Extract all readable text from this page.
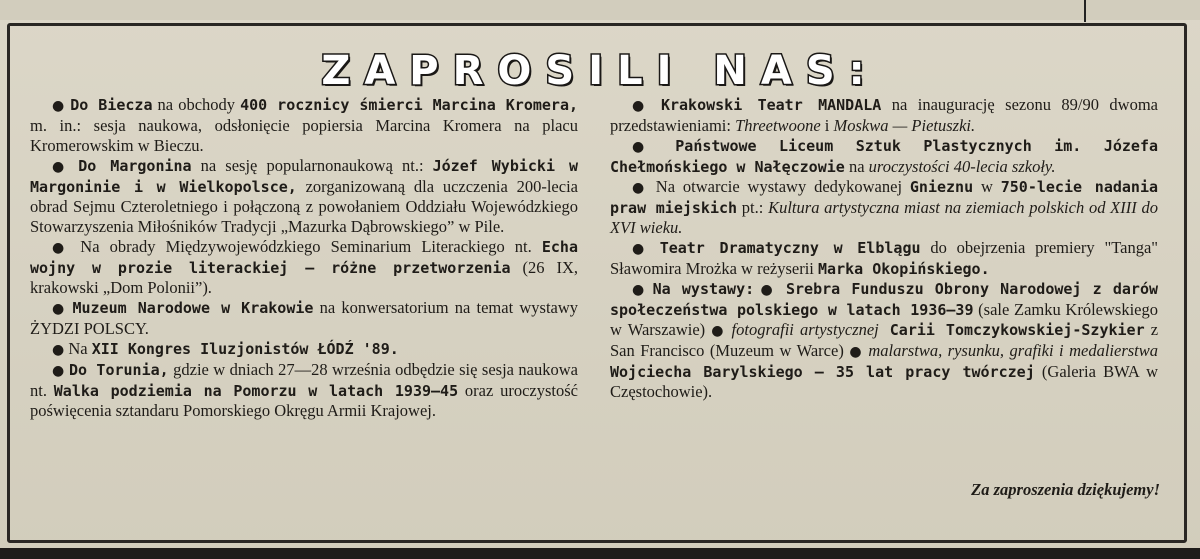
ZAPROSILI NAS:

● Do Biecza na obchody 400 rocznicy śmierci Marcina Kromera, m. in.: sesja naukowa, odsłonięcie popiersia Marcina Kromera na placu Kromerowskim w Bieczu.

● Do Margonina na sesję popularnonaukową nt.: Józef Wybicki w Margoninie i w Wielkopolsce, zorganizowaną dla uczczenia 200-lecia obrad Sejmu Czteroletniego i połączoną z powołaniem Oddziału Wojewódzkiego Stowarzyszenia Miłośników Tradycji „Mazurka Dąbrowskiego” w Pile.

● Na obrady Międzywojewódzkiego Seminarium Literackiego nt. Echa wojny w prozie literackiej — różne przetworzenia (26 IX, krakowski „Dom Polonii”).

● Muzeum Narodowe w Krakowie na konwersatorium na temat wystawy ŻYDZI POLSCY.

● Na XII Kongres Iluzjonistów ŁÓDŹ '89.

● Do Torunia, gdzie w dniach 27—28 września odbędzie się sesja naukowa nt. Walka podziemia na Pomorzu w latach 1939—45 oraz uroczystość poświęcenia sztandaru Pomorskiego Okręgu Armii Krajowej.

● Krakowski Teatr MANDALA na inaugurację sezonu 89/90 dwoma przedstawieniami: Threetwoone i Moskwa — Pietuszki.

● Państwowe Liceum Sztuk Plastycznych im. Józefa Chełmońskiego w Nałęczowie na uroczystości 40-lecia szkoły.

● Na otwarcie wystawy dedykowanej Gnieznu w 750-lecie nadania praw miejskich pt.: Kultura artystyczna miast na ziemiach polskich od XIII do XVI wieku.

● Teatr Dramatyczny w Elblągu do obejrzenia premiery "Tanga" Sławomira Mrożka w reżyserii Marka Okopińskiego.

● Na wystawy: ● Srebra Funduszu Obrony Narodowej z darów społeczeństwa polskiego w latach 1936—39 (sale Zamku Królewskiego w Warszawie) ● fotografii artystycznej Carii Tomczykowskiej-Szykier z San Francisco (Muzeum w Warce) ● malarstwa, rysunku, grafiki i medalierstwa Wojciecha Barylskiego — 35 lat pracy twórczej (Galeria BWA w Częstochowie).

Za zaproszenia dziękujemy!
